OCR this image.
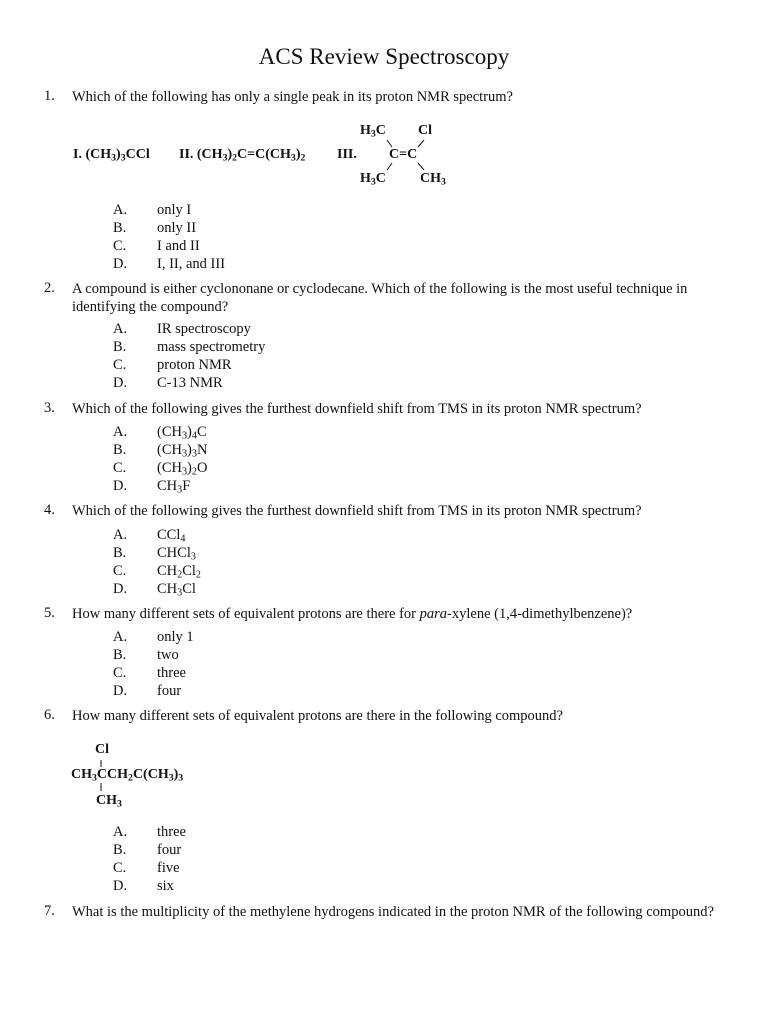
ACS Review Spectroscopy
1. Which of the following has only a single peak in its proton NMR spectrum?
I. $(CH_3)_3CCl$ II. $(CH_3)_2C=C(CH_3)_2$ III.
$H_3C$ Cl
C=C
$H_3C$ $CH_3$
A. only I
B. only II
C. I and II
D. I, II, and III
2. A compound is either cyclononane or cyclodecane. Which of the following is the most useful technique in identifying the compound?
A. IR spectroscopy
B. mass spectrometry
C. proton NMR
D. C-13 NMR
3. Which of the following gives the furthest downfield shift from TMS in its proton NMR spectrum?
A. $(CH_3)_4C$
B. $(CH_3)_3N$
C. $(CH_3)_2O$
D. $CH_3F$
4. Which of the following gives the furthest downfield shift from TMS in its proton NMR spectrum?
A. CCl$_4$
B. CHCl$_3$
C. $CH_2Cl_2$
D. $CH_3Cl$
5. How many different sets of equivalent protons are there for para-xylene (1,4-dimethylbenzene)?
A. only 1
B. two
C. three
D. four
6. How many different sets of equivalent protons are there in the following compound?
Cl
$CH_3CCH_2C(CH_3)_3$
$CH_3$
A. three
B. four
C. five
D. six
7. What is the multiplicity of the methylene hydrogens indicated in the proton NMR of the following compound?
